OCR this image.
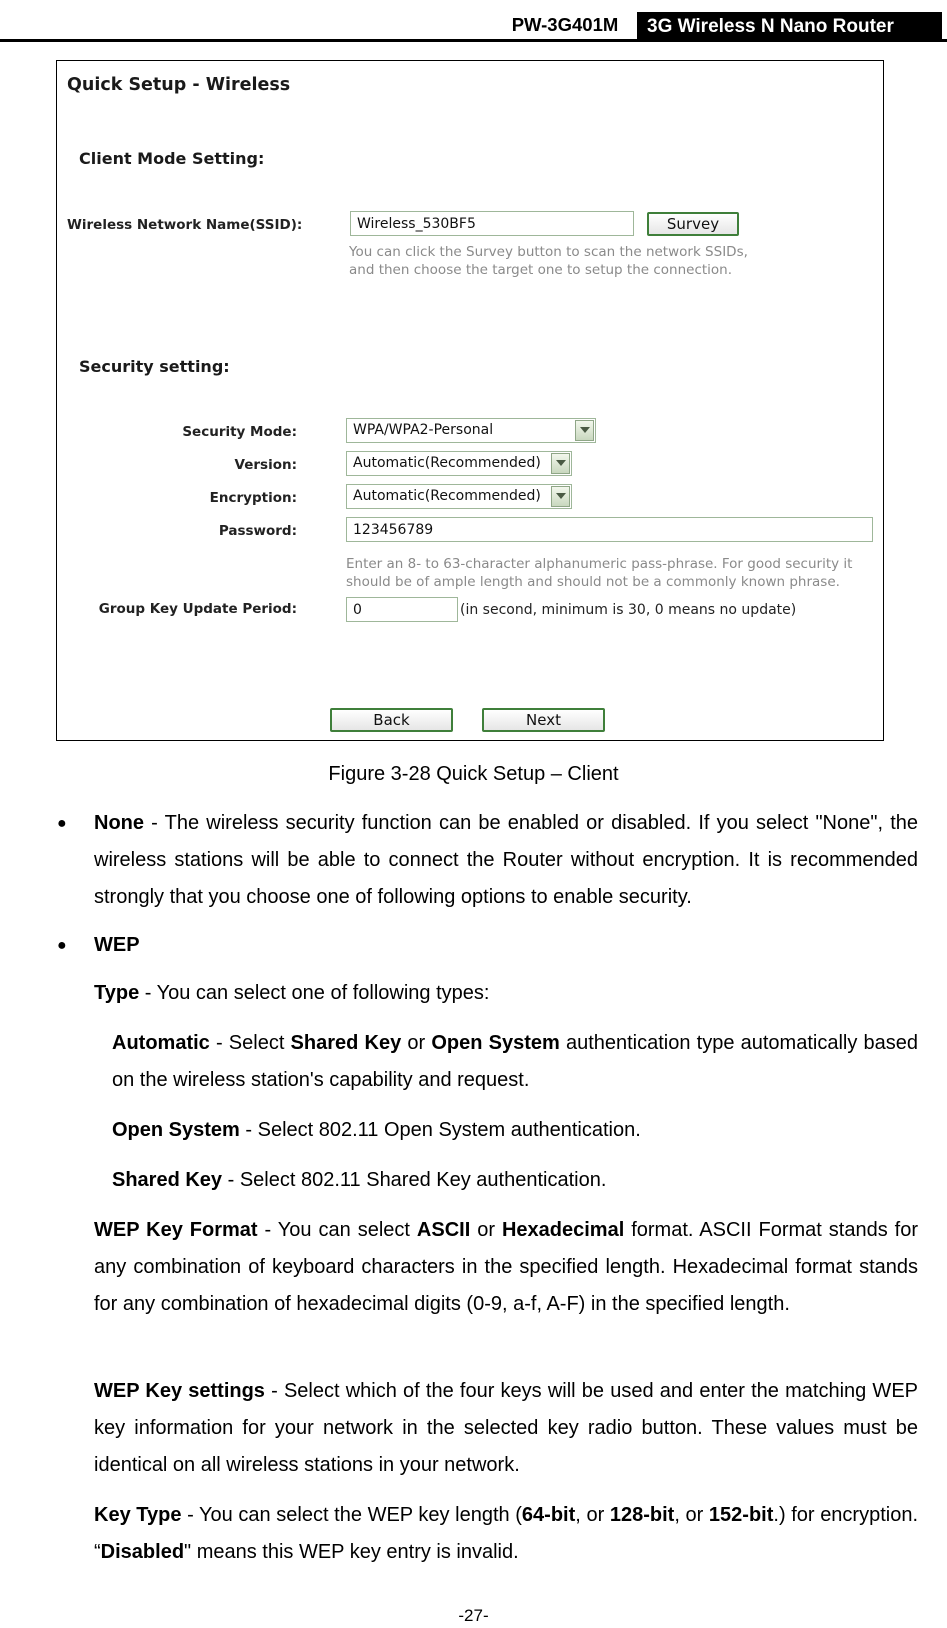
PW-3G401M	3G Wireless N Nano Router
Quick Setup - Wireless
Client Mode Setting:
Wireless Network Name(SSID):
Wireless_530BF5	Survey
You can click the Survey button to scan the network SSIDs,
and then choose the target one to setup the connection.
Security setting:
Security Mode:	WPA/WPA2-Personal
Version:	Automatic(Recommended)
Encryption:	Automatic(Recommended)
Password:
123456789
Enter an 8- to 63-character alphanumeric pass-phrase. For good security it
should be of ample length and should not be a commonly known phrase.
Group Key Update Period:
0	(in second, minimum is 30, 0 means no update)
Back	Next
Figure 3-28 Quick Setup – Client
● None - The wireless security function can be enabled or disabled. If you select "None", the wireless stations will be able to connect the Router without encryption. It is recommended strongly that you choose one of following options to enable security.
● WEP
Type - You can select one of following types:
Automatic - Select Shared Key or Open System authentication type automatically based on the wireless station's capability and request.
Open System - Select 802.11 Open System authentication.
Shared Key - Select 802.11 Shared Key authentication.
WEP Key Format - You can select ASCII or Hexadecimal format. ASCII Format stands for any combination of keyboard characters in the specified length. Hexadecimal format stands for any combination of hexadecimal digits (0-9, a-f, A-F) in the specified length.
WEP Key settings - Select which of the four keys will be used and enter the matching WEP key information for your network in the selected key radio button. These values must be identical on all wireless stations in your network.
Key Type - You can select the WEP key length (64-bit, or 128-bit, or 152-bit.) for encryption. “Disabled" means this WEP key entry is invalid.
-27-
